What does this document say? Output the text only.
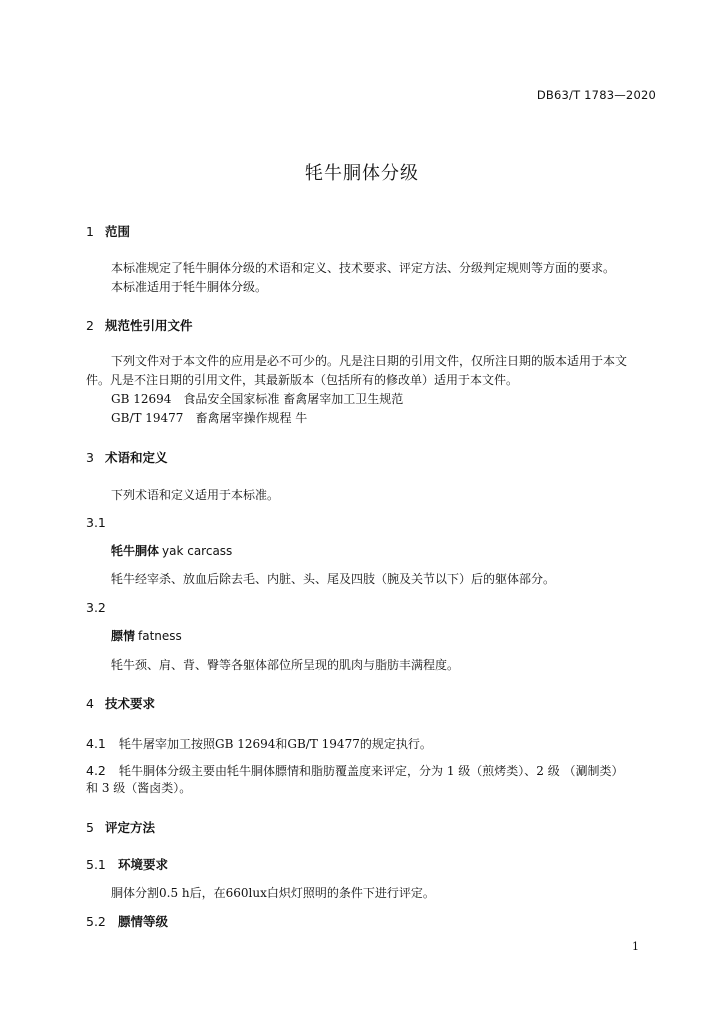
DB63/T 1783—2020
牦牛胴体分级
1 范围
本标准规定了牦牛胴体分级的术语和定义、技术要求、评定方法、分级判定规则等方面的要求。
本标准适用于牦牛胴体分级。
2 规范性引用文件
下列文件对于本文件的应用是必不可少的。凡是注日期的引用文件，仅所注日期的版本适用于本文
件。凡是不注日期的引用文件，其最新版本（包括所有的修改单）适用于本文件。
GB 12694　食品安全国家标准 畜禽屠宰加工卫生规范
GB/T 19477　畜禽屠宰操作规程 牛
3 术语和定义
下列术语和定义适用于本标准。
3.1
牦牛胴体 yak carcass
牦牛经宰杀、放血后除去毛、内脏、头、尾及四肢（腕及关节以下）后的躯体部分。
3.2
膘情 fatness
牦牛颈、肩、背、臀等各躯体部位所呈现的肌肉与脂肪丰满程度。
4 技术要求
4.1 牦牛屠宰加工按照GB 12694和GB/T 19477的规定执行。
4.2 牦牛胴体分级主要由牦牛胴体膘情和脂肪覆盖度来评定，分为 1 级（煎烤类）、2 级 （涮制类）
和 3 级（酱卤类）。
5 评定方法
5.1 环境要求
胴体分割0.5 h后，在660lux白炽灯照明的条件下进行评定。
5.2 膘情等级
1
